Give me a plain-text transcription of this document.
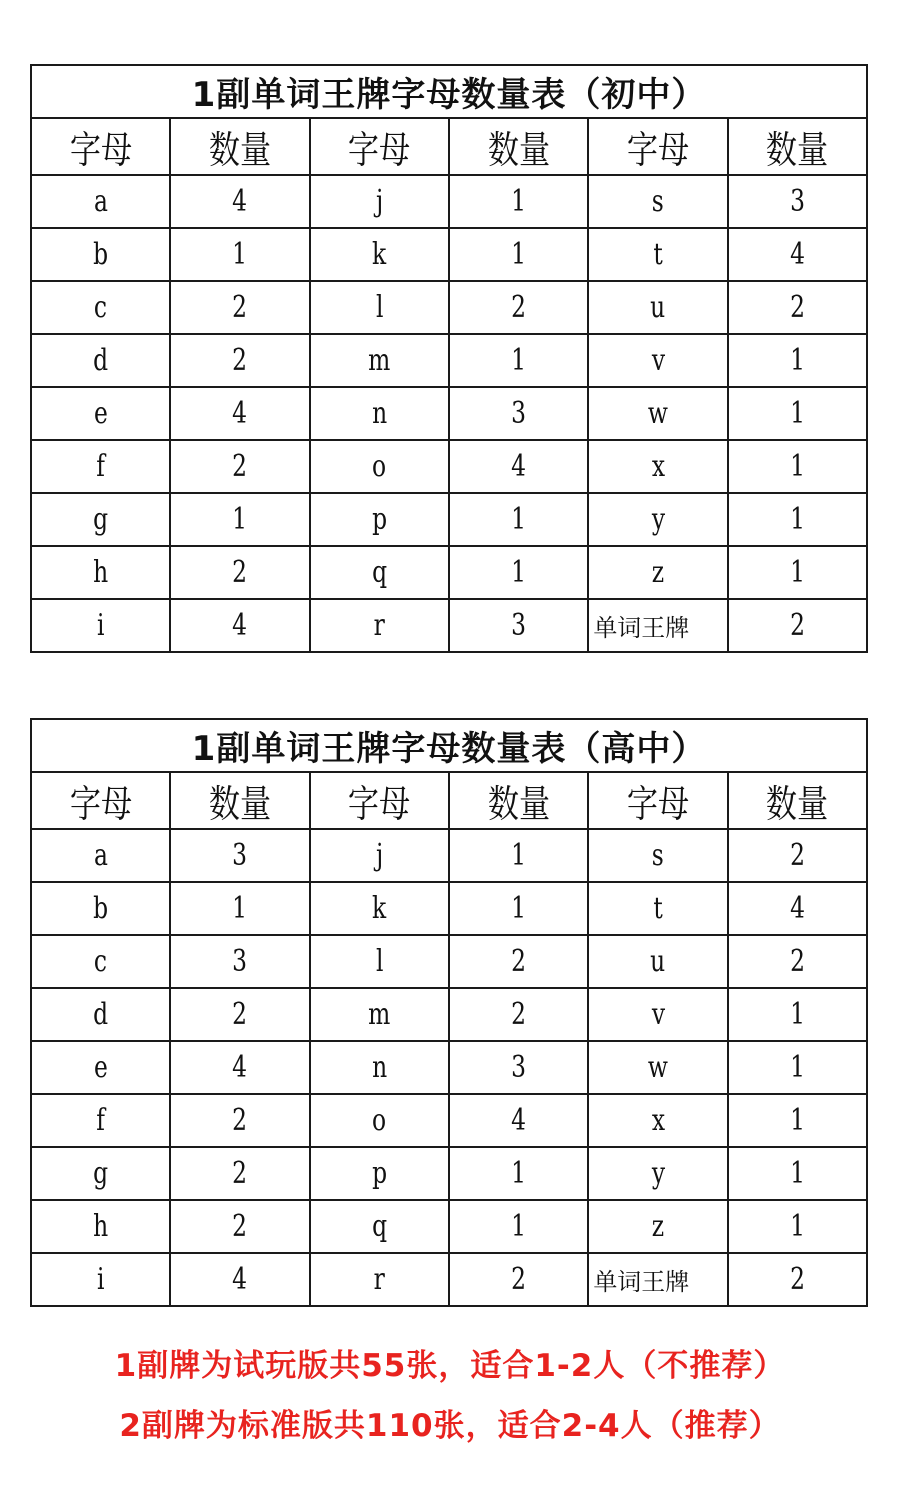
1副单词王牌字母数量表（初中）					
字母	数量	字母	数量	字母	数量
a	4	j	1	s	3
b	1	k	1	t	4
c	2	l	2	u	2
d	2	m	1	v	1
e	4	n	3	w	1
f	2	o	4	x	1
g	1	p	1	y	1
h	2	q	1	z	1
i	4	r	3	单词王牌	2
1副单词王牌字母数量表（高中）					
字母	数量	字母	数量	字母	数量
a	3	j	1	s	2
b	1	k	1	t	4
c	3	l	2	u	2
d	2	m	2	v	1
e	4	n	3	w	1
f	2	o	4	x	1
g	2	p	1	y	1
h	2	q	1	z	1
i	4	r	2	单词王牌	2
1副牌为试玩版共55张，适合1-2人（不推荐）
2副牌为标准版共110张，适合2-4人（推荐）
